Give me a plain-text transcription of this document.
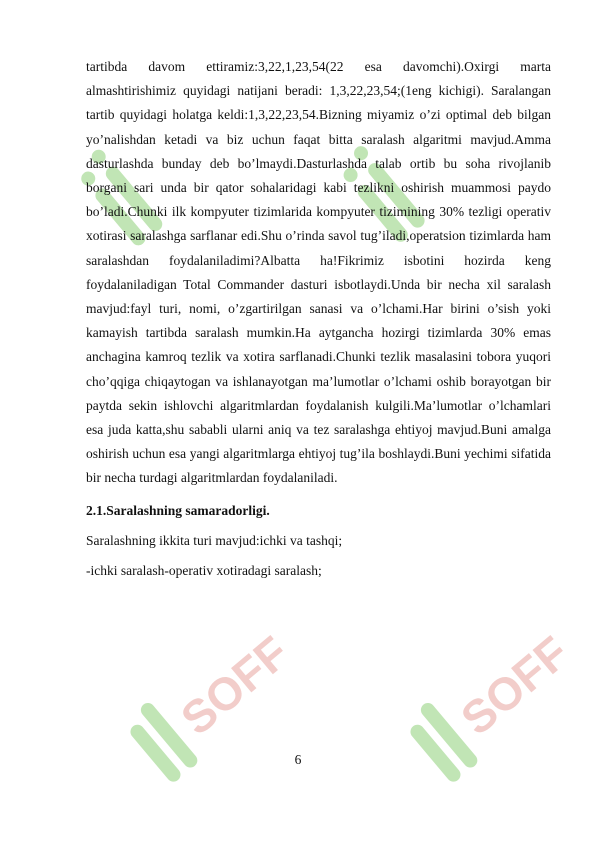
SOFF	SOFF

tartibda davom ettiramiz:3,22,1,23,54(22 esa davomchi).Oxirgi marta almashtirishimiz quyidagi natijani beradi: 1,3,22,23,54;(1eng kichigi). Saralangan tartib quyidagi holatga keldi:1,3,22,23,54.Bizning miyamiz o’zi optimal deb bilgan yo’nalishdan ketadi va biz uchun faqat bitta saralash algaritmi mavjud.Amma dasturlashda bunday deb bo’lmaydi.Dasturlashda talab ortib bu soha rivojlanib borgani sari unda bir qator sohalaridagi kabi tezlikni oshirish muammosi paydo bo’ladi.Chunki ilk kompyuter tizimlarida kompyuter tizimining 30% tezligi operativ xotirasi saralashga sarflanar edi.Shu o’rinda savol tug’iladi,operatsion tizimlarda ham saralashdan foydalaniladimi?Albatta ha!Fikrimiz isbotini hozirda keng foydalaniladigan Total Commander dasturi isbotlaydi.Unda bir necha xil saralash mavjud:fayl turi, nomi, o’zgartirilgan sanasi va o’lchami.Har birini o’sish yoki kamayish tartibda saralash mumkin.Ha aytgancha hozirgi tizimlarda 30% emas anchagina kamroq tezlik va xotira sarflanadi.Chunki tezlik masalasini tobora yuqori cho’qqiga chiqaytogan va ishlanayotgan ma’lumotlar o’lchami oshib borayotgan bir paytda sekin ishlovchi algaritmlardan foydalanish kulgili.Ma’lumotlar o’lchamlari esa juda katta,shu sababli ularni aniq va tez saralashga ehtiyoj mavjud.Buni amalga oshirish uchun esa yangi algaritmlarga ehtiyoj tug’ila boshlaydi.Buni yechimi sifatida bir necha turdagi algaritmlardan foydalaniladi.

2.1.Saralashning samaradorligi.

Saralashning ikkita turi mavjud:ichki va tashqi;

-ichki saralash-operativ xotiradagi saralash;

6
